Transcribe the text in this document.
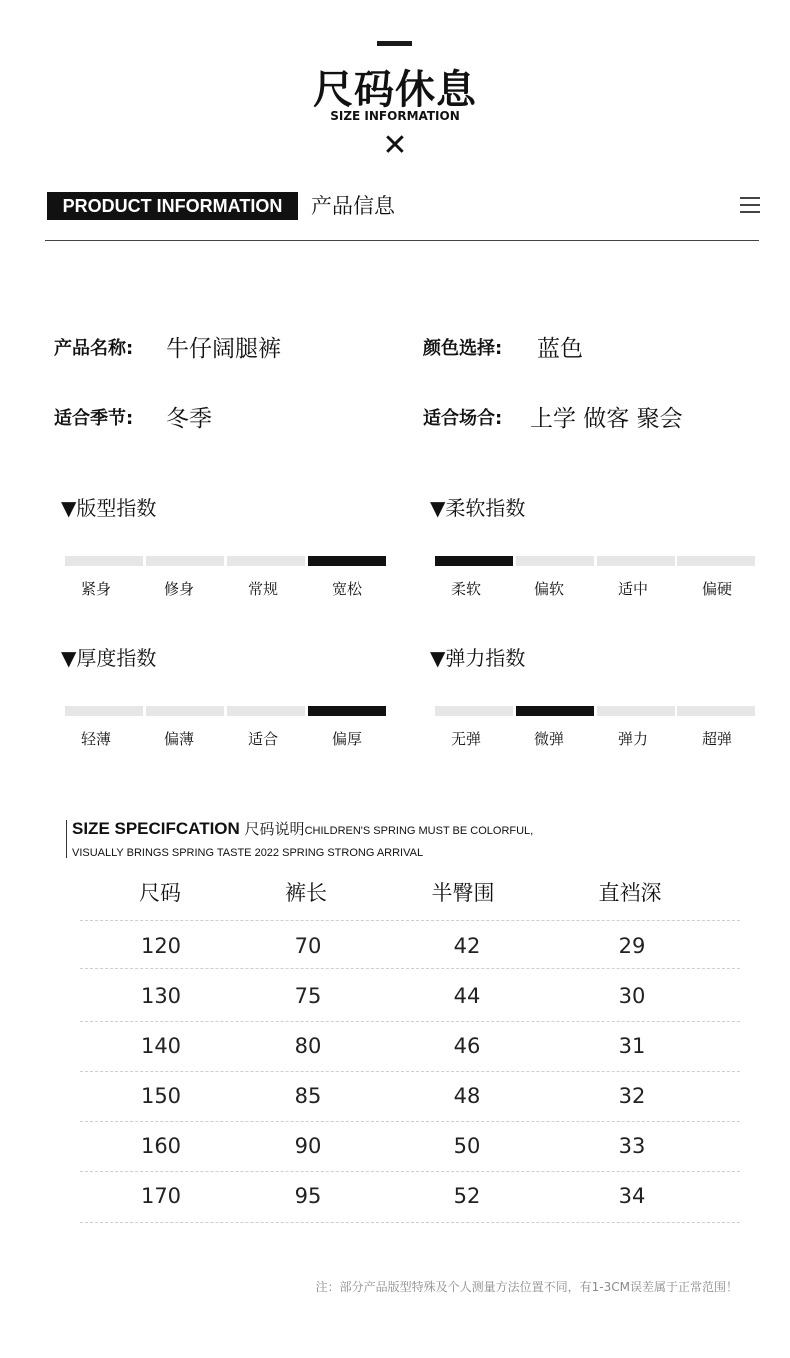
尺码休息
SIZE INFORMATION
✕
PRODUCT INFORMATION	产品信息
产品名称: 牛仔阔腿裤	颜色选择: 蓝色
适合季节: 冬季	适合场合: 上学 做客 聚会
▼版型指数
紧身	修身	常规	宽松
▼柔软指数
柔软	偏软	适中	偏硬
▼厚度指数
轻薄	偏薄	适合	偏厚
▼弹力指数
无弹	微弹	弹力	超弹
SIZE SPECIFCATION 尺码说明CHILDREN'S SPRING MUST BE COLORFUL,
VISUALLY BRINGS SPRING TASTE 2022 SPRING STRONG ARRIVAL
尺码	裤长	半臀围	直裆深
120	70	42	29
130	75	44	30
140	80	46	31
150	85	48	32
160	90	50	33
170	95	52	34
注：部分产品版型特殊及个人测量方法位置不同，有1-3CM误差属于正常范围！
